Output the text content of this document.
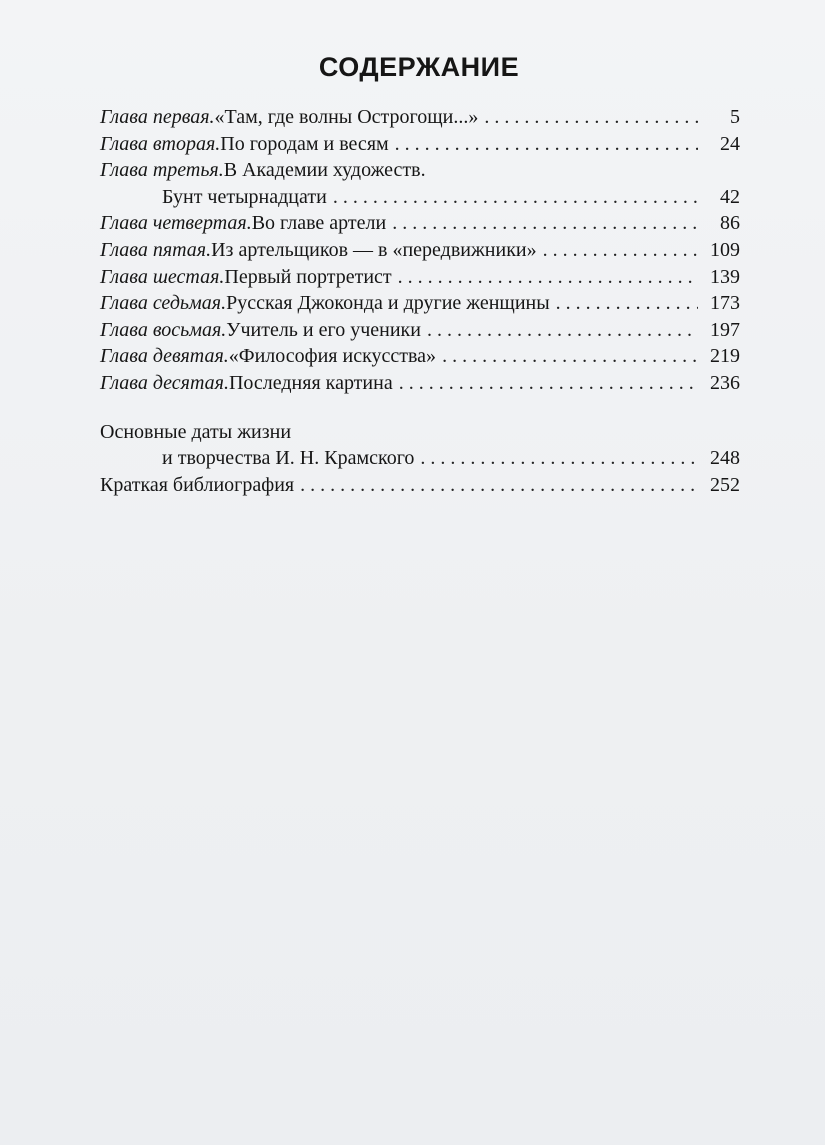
СОДЕРЖАНИЕ
Глава первая. «Там, где волны Острогощи...» . . .	5
Глава вторая. По городам и весям . . .	24
Глава третья. В Академии художеств.
Бунт четырнадцати . . .	42
Глава четвертая. Во главе артели . . .	86
Глава пятая. Из артельщиков — в «передвижники» . . .	109
Глава шестая. Первый портретист . . .	139
Глава седьмая. Русская Джоконда и другие женщины . . .	173
Глава восьмая. Учитель и его ученики . . .	197
Глава девятая. «Философия искусства» . . .	219
Глава десятая. Последняя картина . . .	236
Основные даты жизни
и творчества И. Н. Крамского . . .	248
Краткая библиография . . .	252
